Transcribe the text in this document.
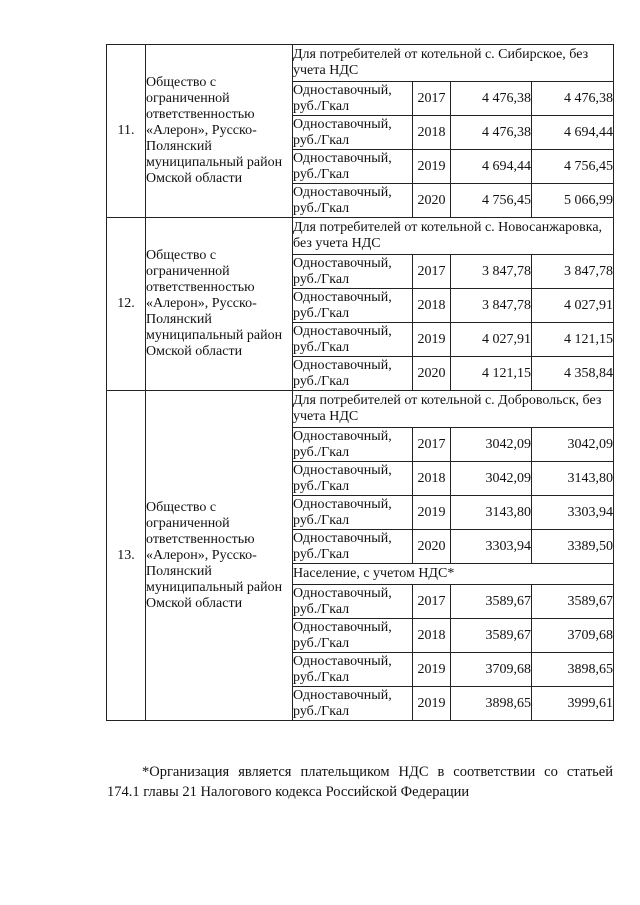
11.	Общество с ограниченной ответственностью «Алерон», Русско-Полянский муниципальный район Омской области	Для потребителей от котельной с. Сибирское, без учета НДС			
		Одноставочный, руб./Гкал	2017	4 476,38	4 476,38
		Одноставочный, руб./Гкал	2018	4 476,38	4 694,44
		Одноставочный, руб./Гкал	2019	4 694,44	4 756,45
		Одноставочный, руб./Гкал	2020	4 756,45	5 066,99
12.	Общество с ограниченной ответственностью «Алерон», Русско-Полянский муниципальный район Омской области	Для потребителей от котельной с. Новосанжаровка, без учета НДС			
		Одноставочный, руб./Гкал	2017	3 847,78	3 847,78
		Одноставочный, руб./Гкал	2018	3 847,78	4 027,91
		Одноставочный, руб./Гкал	2019	4 027,91	4 121,15
		Одноставочный, руб./Гкал	2020	4 121,15	4 358,84
13.	Общество с ограниченной ответственностью «Алерон», Русско-Полянский муниципальный район Омской области	Для потребителей от котельной с. Добровольск, без учета НДС			
		Одноставочный, руб./Гкал	2017	3042,09	3042,09
		Одноставочный, руб./Гкал	2018	3042,09	3143,80
		Одноставочный, руб./Гкал	2019	3143,80	3303,94
		Одноставочный, руб./Гкал	2020	3303,94	3389,50
		Население, с учетом НДС*			
		Одноставочный, руб./Гкал	2017	3589,67	3589,67
		Одноставочный, руб./Гкал	2018	3589,67	3709,68
		Одноставочный, руб./Гкал	2019	3709,68	3898,65
		Одноставочный, руб./Гкал	2019	3898,65	3999,61
*Организация является плательщиком НДС в соответствии со статьей
174.1 главы 21 Налогового кодекса Российской Федерации
